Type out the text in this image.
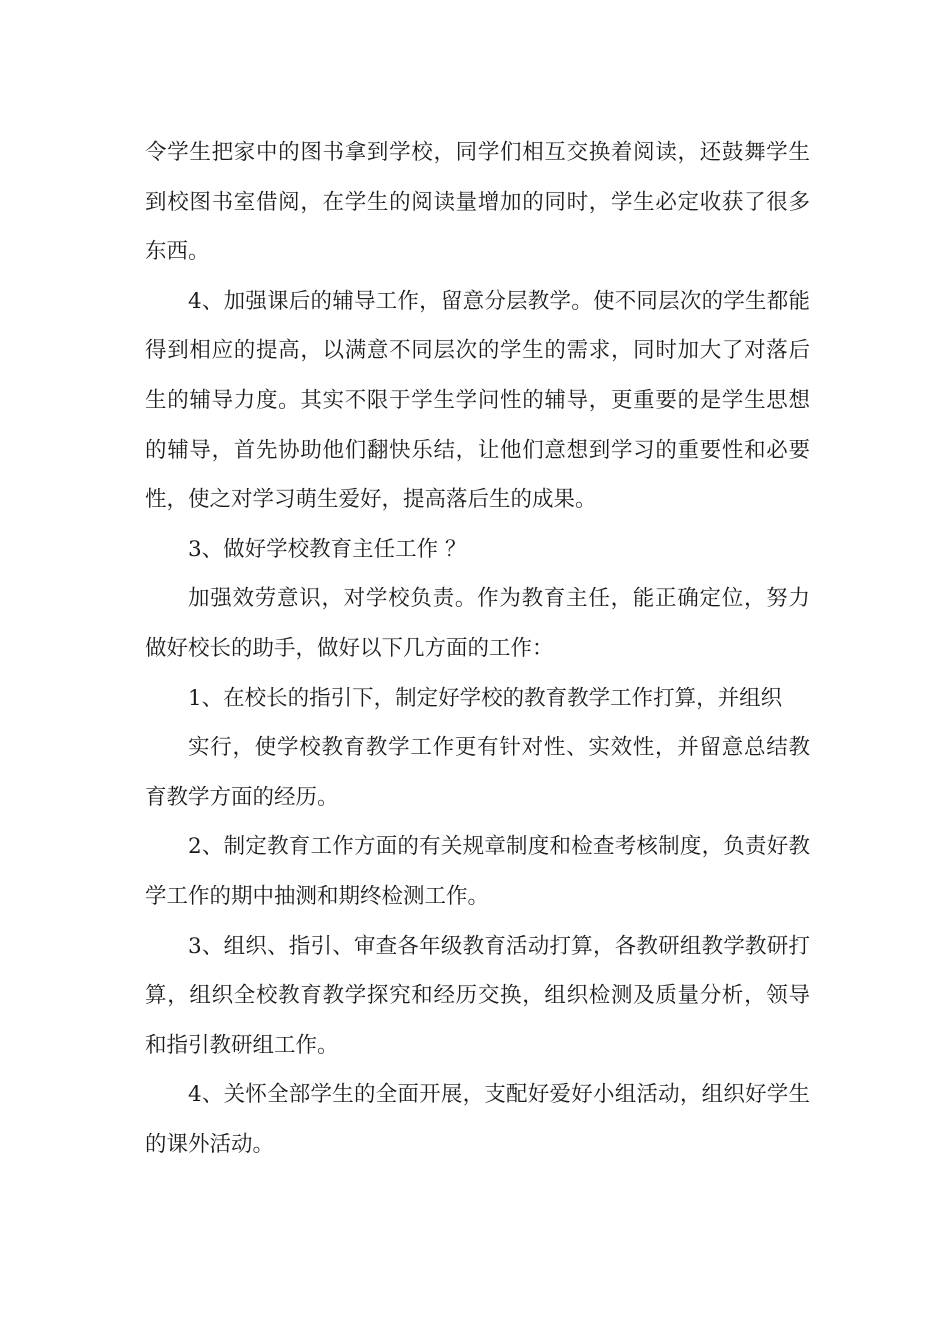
令学生把家中的图书拿到学校，同学们相互交换着阅读，还鼓舞学生到校图书室借阅，在学生的阅读量增加的同时，学生必定收获了很多东西。

4、加强课后的辅导工作，留意分层教学。使不同层次的学生都能得到相应的提高，以满意不同层次的学生的需求，同时加大了对落后生的辅导力度。其实不限于学生学问性的辅导，更重要的是学生思想的辅导，首先协助他们翻快乐结，让他们意想到学习的重要性和必要性，使之对学习萌生爱好，提高落后生的成果。

3、做好学校教育主任工作 ？

加强效劳意识，对学校负责。作为教育主任，能正确定位，努力做好校长的助手，做好以下几方面的工作：

1、在校长的指引下，制定好学校的教育教学工作打算，并组织

实行，使学校教育教学工作更有针对性、实效性，并留意总结教育教学方面的经历。

2、制定教育工作方面的有关规章制度和检查考核制度，负责好教学工作的期中抽测和期终检测工作。

3、组织、指引、审查各年级教育活动打算，各教研组教学教研打算，组织全校教育教学探究和经历交换，组织检测及质量分析，领导和指引教研组工作。

4、关怀全部学生的全面开展，支配好爱好小组活动，组织好学生的课外活动。
